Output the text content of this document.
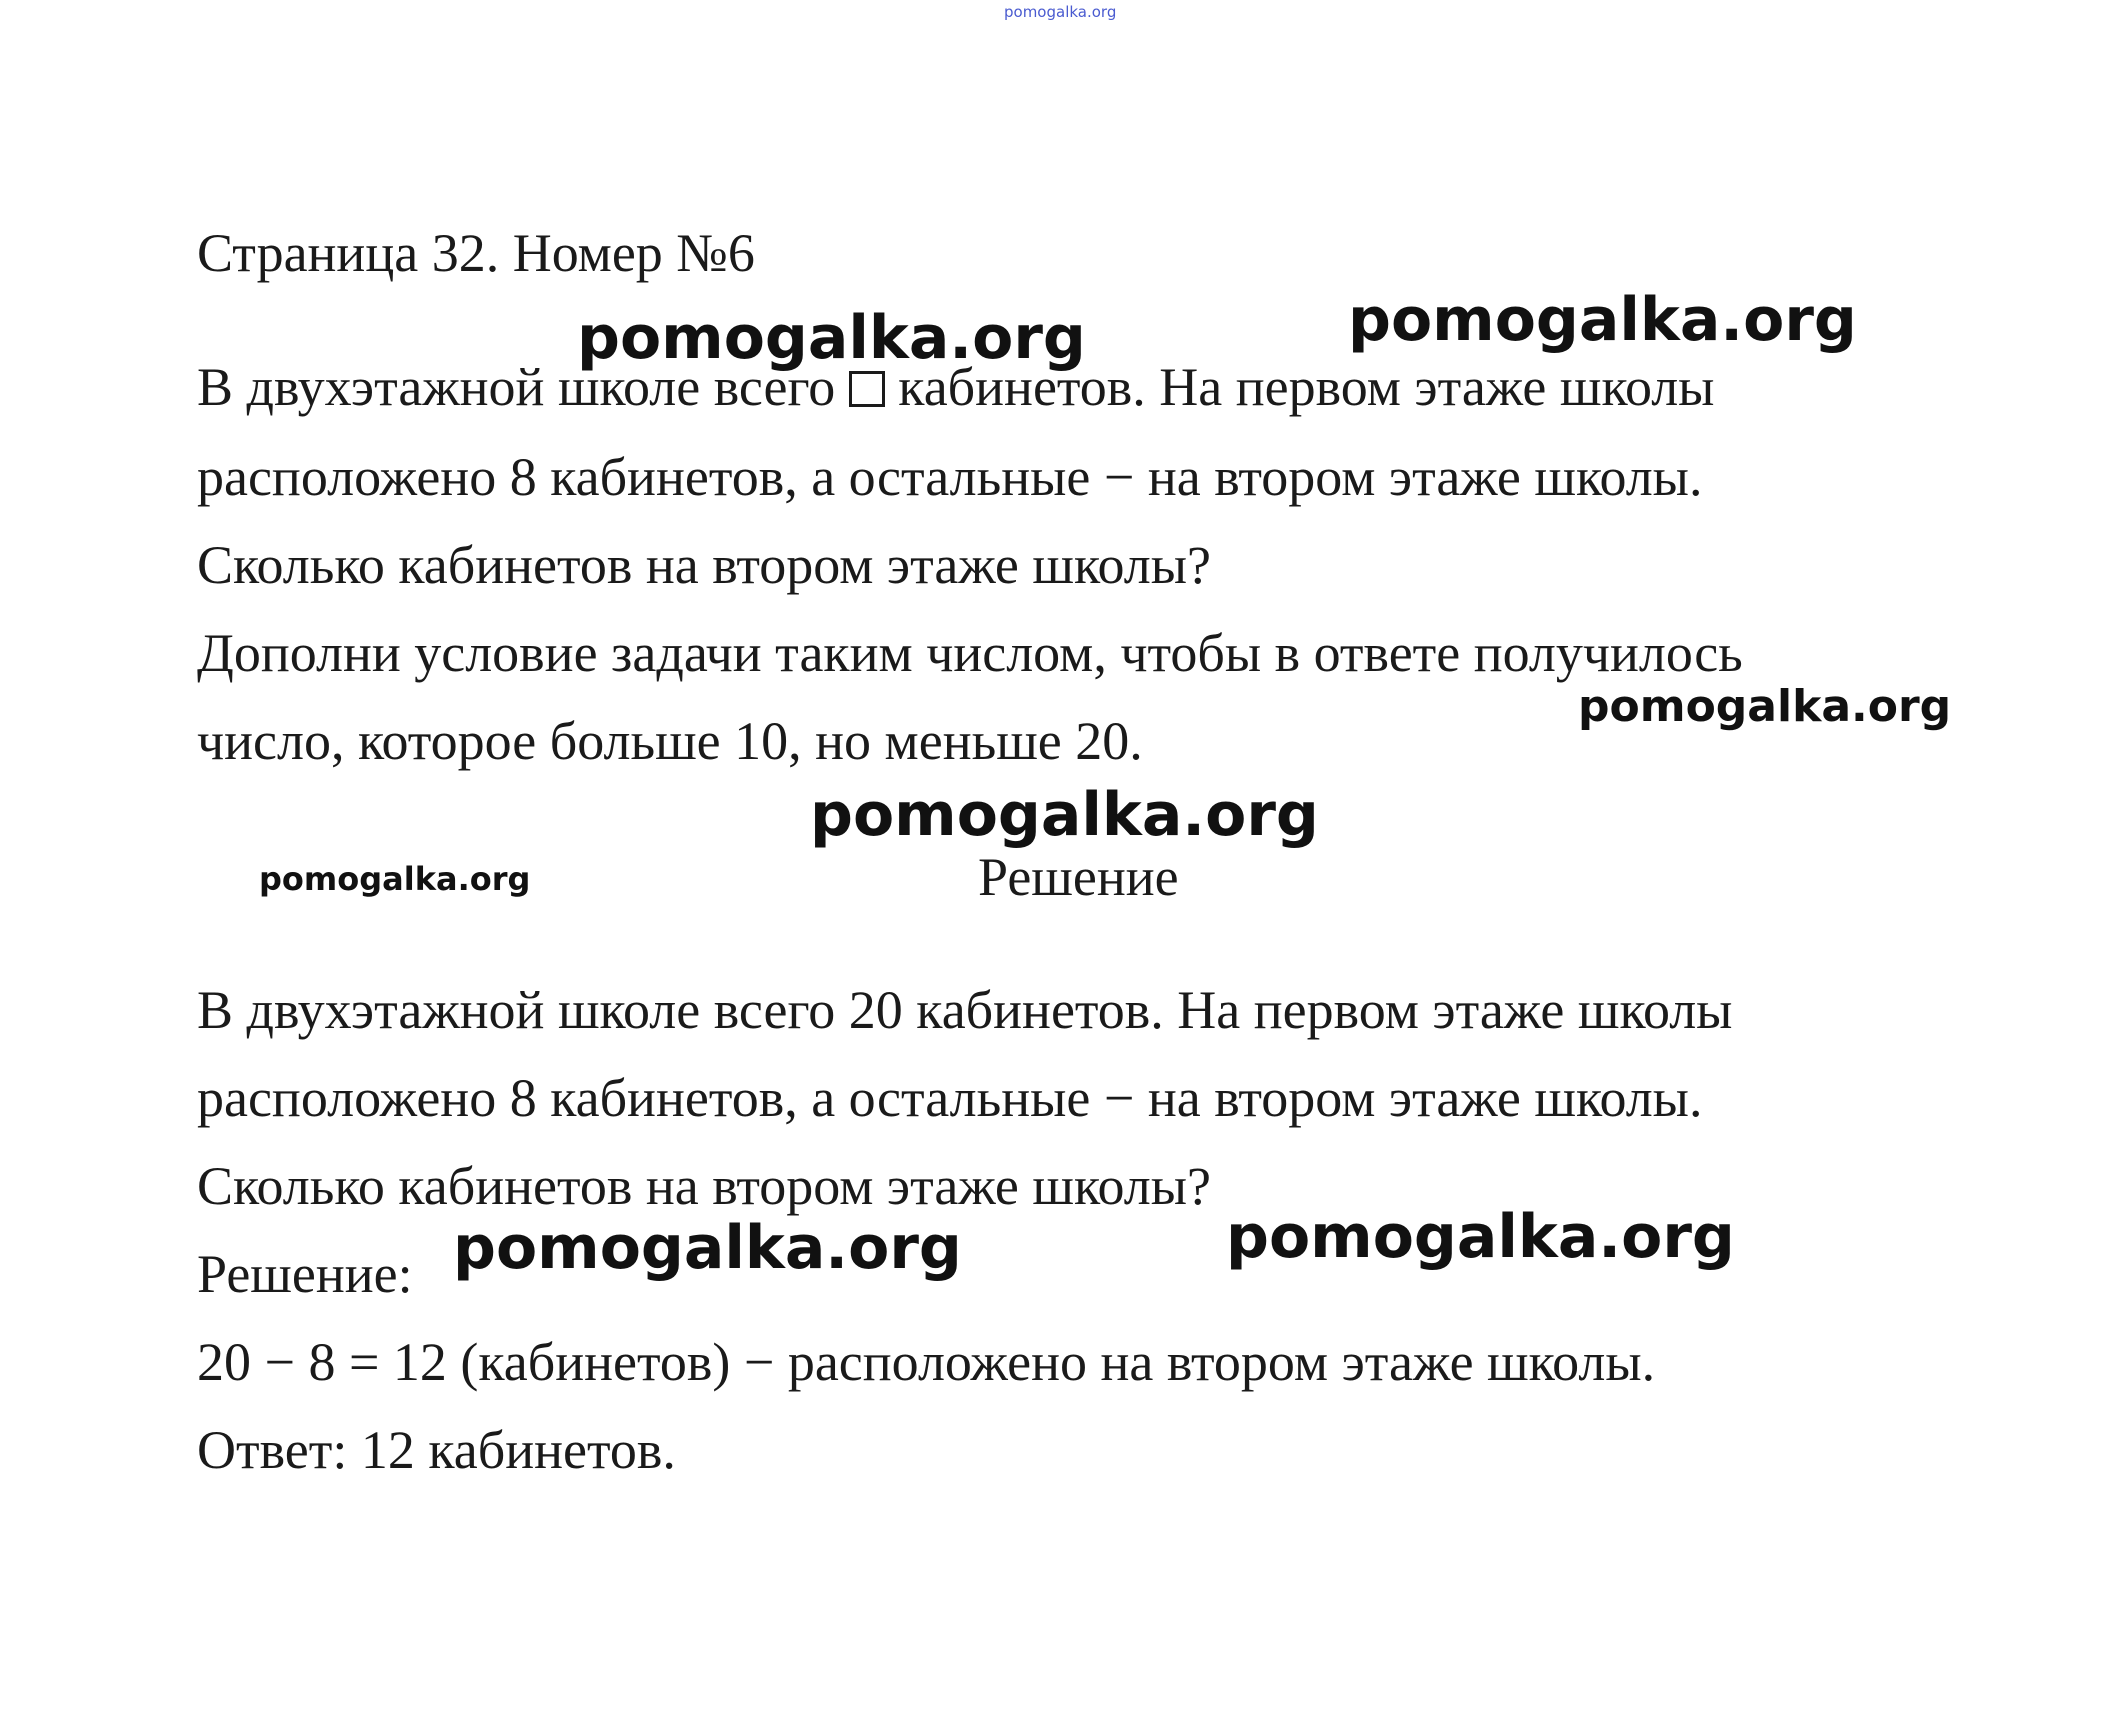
pomogalka.org
Страница 32. Номер №6
В двухэтажной школе всего кабинетов. На первом этаже школы
расположено 8 кабинетов, а остальные − на втором этаже школы.
Сколько кабинетов на втором этаже школы?
Дополни условие задачи таким числом, чтобы в ответе получилось
число, которое больше 10, но меньше 20.
Решение
В двухэтажной школе всего 20 кабинетов. На первом этаже школы
расположено 8 кабинетов, а остальные − на втором этаже школы.
Сколько кабинетов на втором этаже школы?
Решение:
20 − 8 = 12 (кабинетов) − расположено на втором этаже школы.
Ответ: 12 кабинетов.
pomogalka.org	pomogalka.org
pomogalka.org
pomogalka.org
pomogalka.org
pomogalka.org	pomogalka.org
